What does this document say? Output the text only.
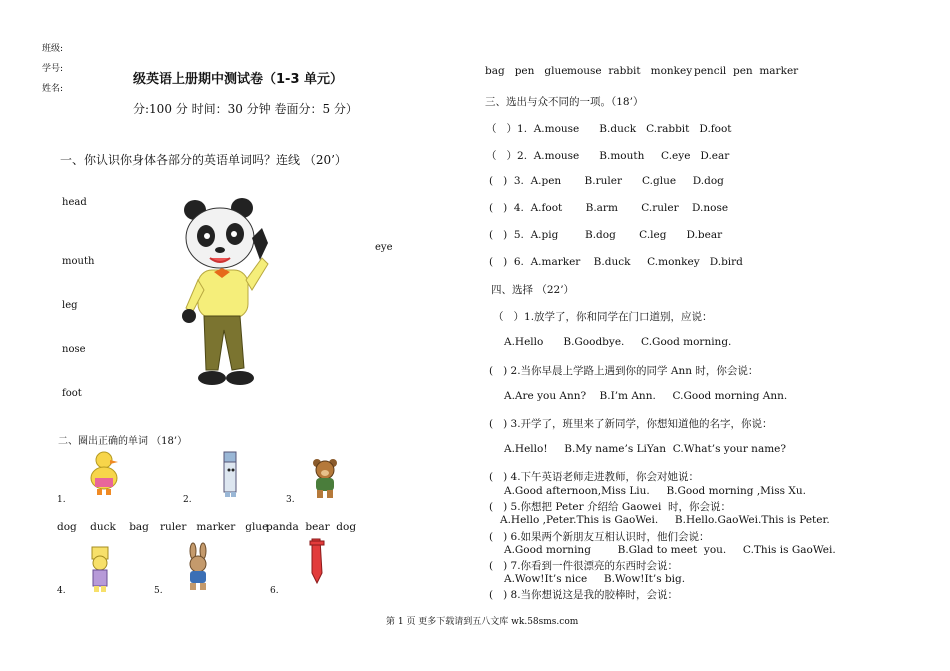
班级:
学号:
姓名:
级英语上册期中测试卷（1-3 单元）
分:100 分 时间：30 分钟 卷面分：5 分）
一、你认识你身体各部分的英语单词吗？连线 （20’）
head
mouth
leg
nose
foot
eye
二、圈出正确的单词 （18’）
1.	2.	3.
dog    duck    bag ruler   marker   glue
panda  bear  dog
4.	5.	6.
bag   pen   glue mouse  rabbit   monkey pencil  pen  marker
三、选出与众不同的一项。（18’）
（   ）1.  A.mouse      B.duck   C.rabbit   D.foot
（   ）2.  A.mouse      B.mouth     C.eye   D.ear
(   )  3.  A.pen       B.ruler      C.glue     D.dog
(   )  4.  A.foot       B.arm       C.ruler    D.nose
(   )  5.  A.pig        B.dog       C.leg      D.bear
(   )  6.  A.marker    B.duck     C.monkey   D.bird
四、选择 （22’）
（   ）1.放学了，你和同学在门口道别，应说：
A.Hello      B.Goodbye.     C.Good morning.
(   ) 2.当你早晨上学路上遇到你的同学 Ann 时，你会说：
A.Are you Ann?    B.I’m Ann.     C.Good morning Ann.
(   ) 3.开学了，班里来了新同学，你想知道他的名字，你说：
A.Hello!     B.My name’s LiYan  C.What’s your name?
(   ) 4.下午英语老师走进教师，你会对她说：
A.Good afternoon,Miss Liu.     B.Good morning ,Miss Xu.
(   ) 5.你想把 Peter 介绍给 Gaowei  时，你会说：
A.Hello ,Peter.This is GaoWei.     B.Hello.GaoWei.This is Peter.
(   ) 6.如果两个新朋友互相认识时，他们会说：
A.Good morning        B.Glad to meet  you.     C.This is GaoWei.
(   ) 7.你看到一件很漂亮的东西时会说：
A.Wow!It’s nice     B.Wow!It’s big.
(   ) 8.当你想说这是我的胶棒时，会说：
第 1 页 更多下载请到五八文库 wk.58sms.com
